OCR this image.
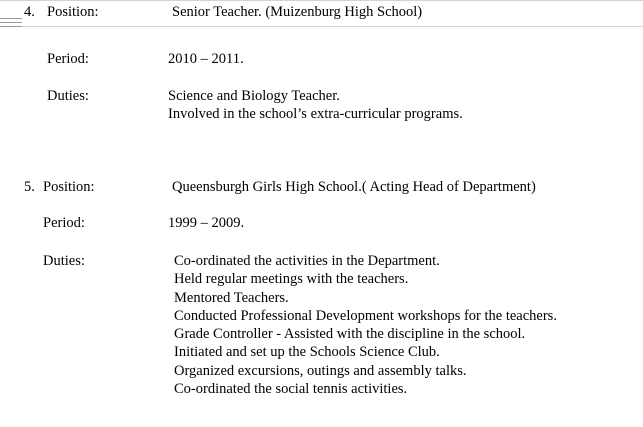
4. Position:	Senior Teacher. (Muizenburg High School)
Period:	2010 – 2011.
Duties:	Science and Biology Teacher.
Involved in the school’s extra-curricular programs.
5. Position:	Queensburgh Girls High School.( Acting Head of Department)
Period:	1999 – 2009.
Duties:	Co-ordinated the activities in the Department.
Held regular meetings with the teachers.
Mentored Teachers.
Conducted Professional Development workshops for the teachers.
Grade Controller - Assisted with the discipline in the school.
Initiated and set up the Schools Science Club.
Organized excursions, outings and assembly talks.
Co-ordinated the social tennis activities.
